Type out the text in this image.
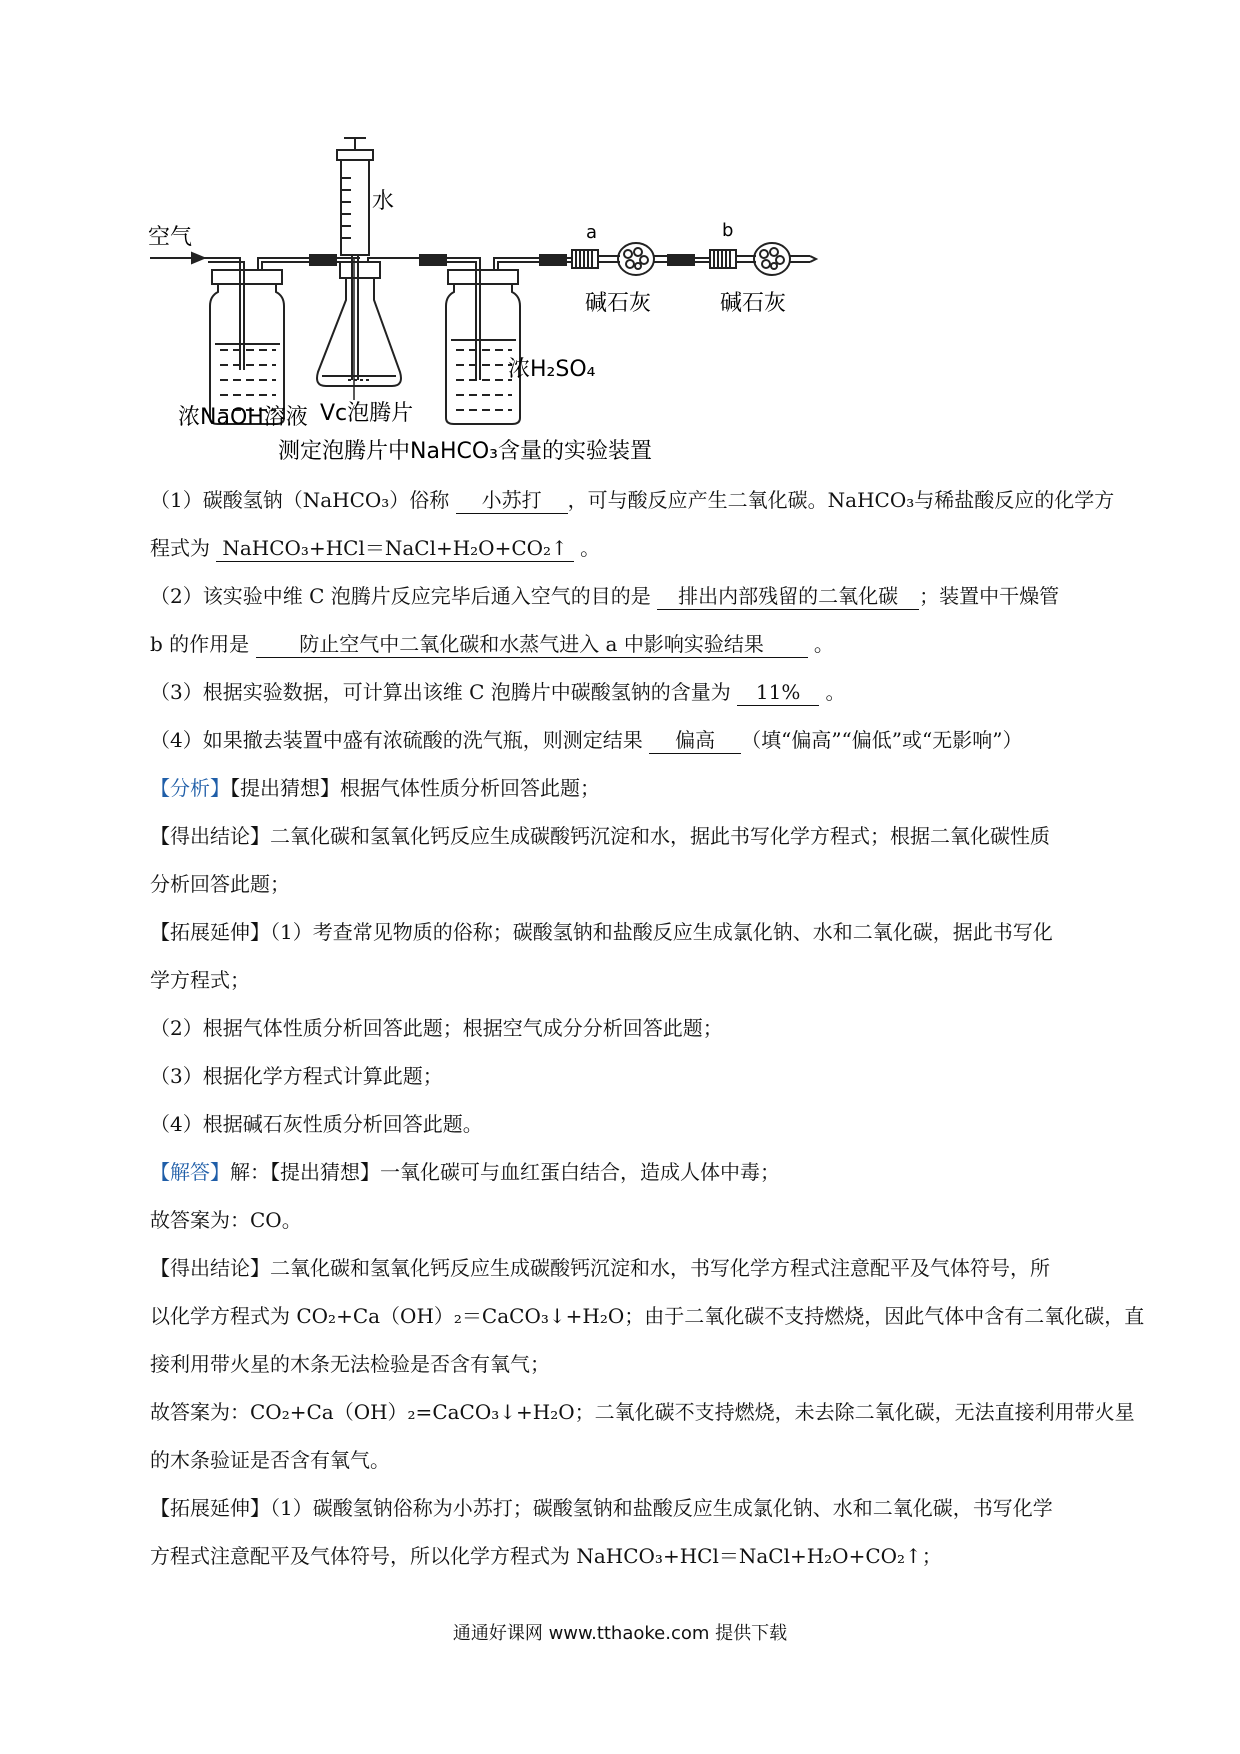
空气
水
a	b
碱石灰	碱石灰
浓NaOH溶液 Vc泡腾片
浓H₂SO₄
测定泡腾片中NaHCO₃含量的实验装置
（1）碳酸氢钠（NaHCO₃）俗称 小苏打 ，可与酸反应产生二氧化碳。NaHCO₃与稀盐酸反应的化学方
程式为 NaHCO₃+HCl＝NaCl+H₂O+CO₂↑ 。
（2）该实验中维 C 泡腾片反应完毕后通入空气的目的是 排出内部残留的二氧化碳 ；装置中干燥管
b 的作用是 防止空气中二氧化碳和水蒸气进入 a 中影响实验结果 。
（3）根据实验数据，可计算出该维 C 泡腾片中碳酸氢钠的含量为 11% 。
（4）如果撤去装置中盛有浓硫酸的洗气瓶，则测定结果 偏高 （填“偏高”“偏低”或“无影响”）
【分析】【提出猜想】根据气体性质分析回答此题；
【得出结论】二氧化碳和氢氧化钙反应生成碳酸钙沉淀和水，据此书写化学方程式；根据二氧化碳性质
分析回答此题；
【拓展延伸】（1）考查常见物质的俗称；碳酸氢钠和盐酸反应生成氯化钠、水和二氧化碳，据此书写化
学方程式；
（2）根据气体性质分析回答此题；根据空气成分分析回答此题；
（3）根据化学方程式计算此题；
（4）根据碱石灰性质分析回答此题。
【解答】解：【提出猜想】一氧化碳可与血红蛋白结合，造成人体中毒；
故答案为：CO。
【得出结论】二氧化碳和氢氧化钙反应生成碳酸钙沉淀和水，书写化学方程式注意配平及气体符号，所
以化学方程式为 CO₂+Ca（OH）₂＝CaCO₃↓+H₂O；由于二氧化碳不支持燃烧，因此气体中含有二氧化碳，直
接利用带火星的木条无法检验是否含有氧气；
故答案为：CO₂+Ca（OH）₂=CaCO₃↓+H₂O；二氧化碳不支持燃烧，未去除二氧化碳，无法直接利用带火星
的木条验证是否含有氧气。
【拓展延伸】（1）碳酸氢钠俗称为小苏打；碳酸氢钠和盐酸反应生成氯化钠、水和二氧化碳，书写化学
方程式注意配平及气体符号，所以化学方程式为 NaHCO₃+HCl＝NaCl+H₂O+CO₂↑；
通通好课网 www.tthaoke.com 提供下载
